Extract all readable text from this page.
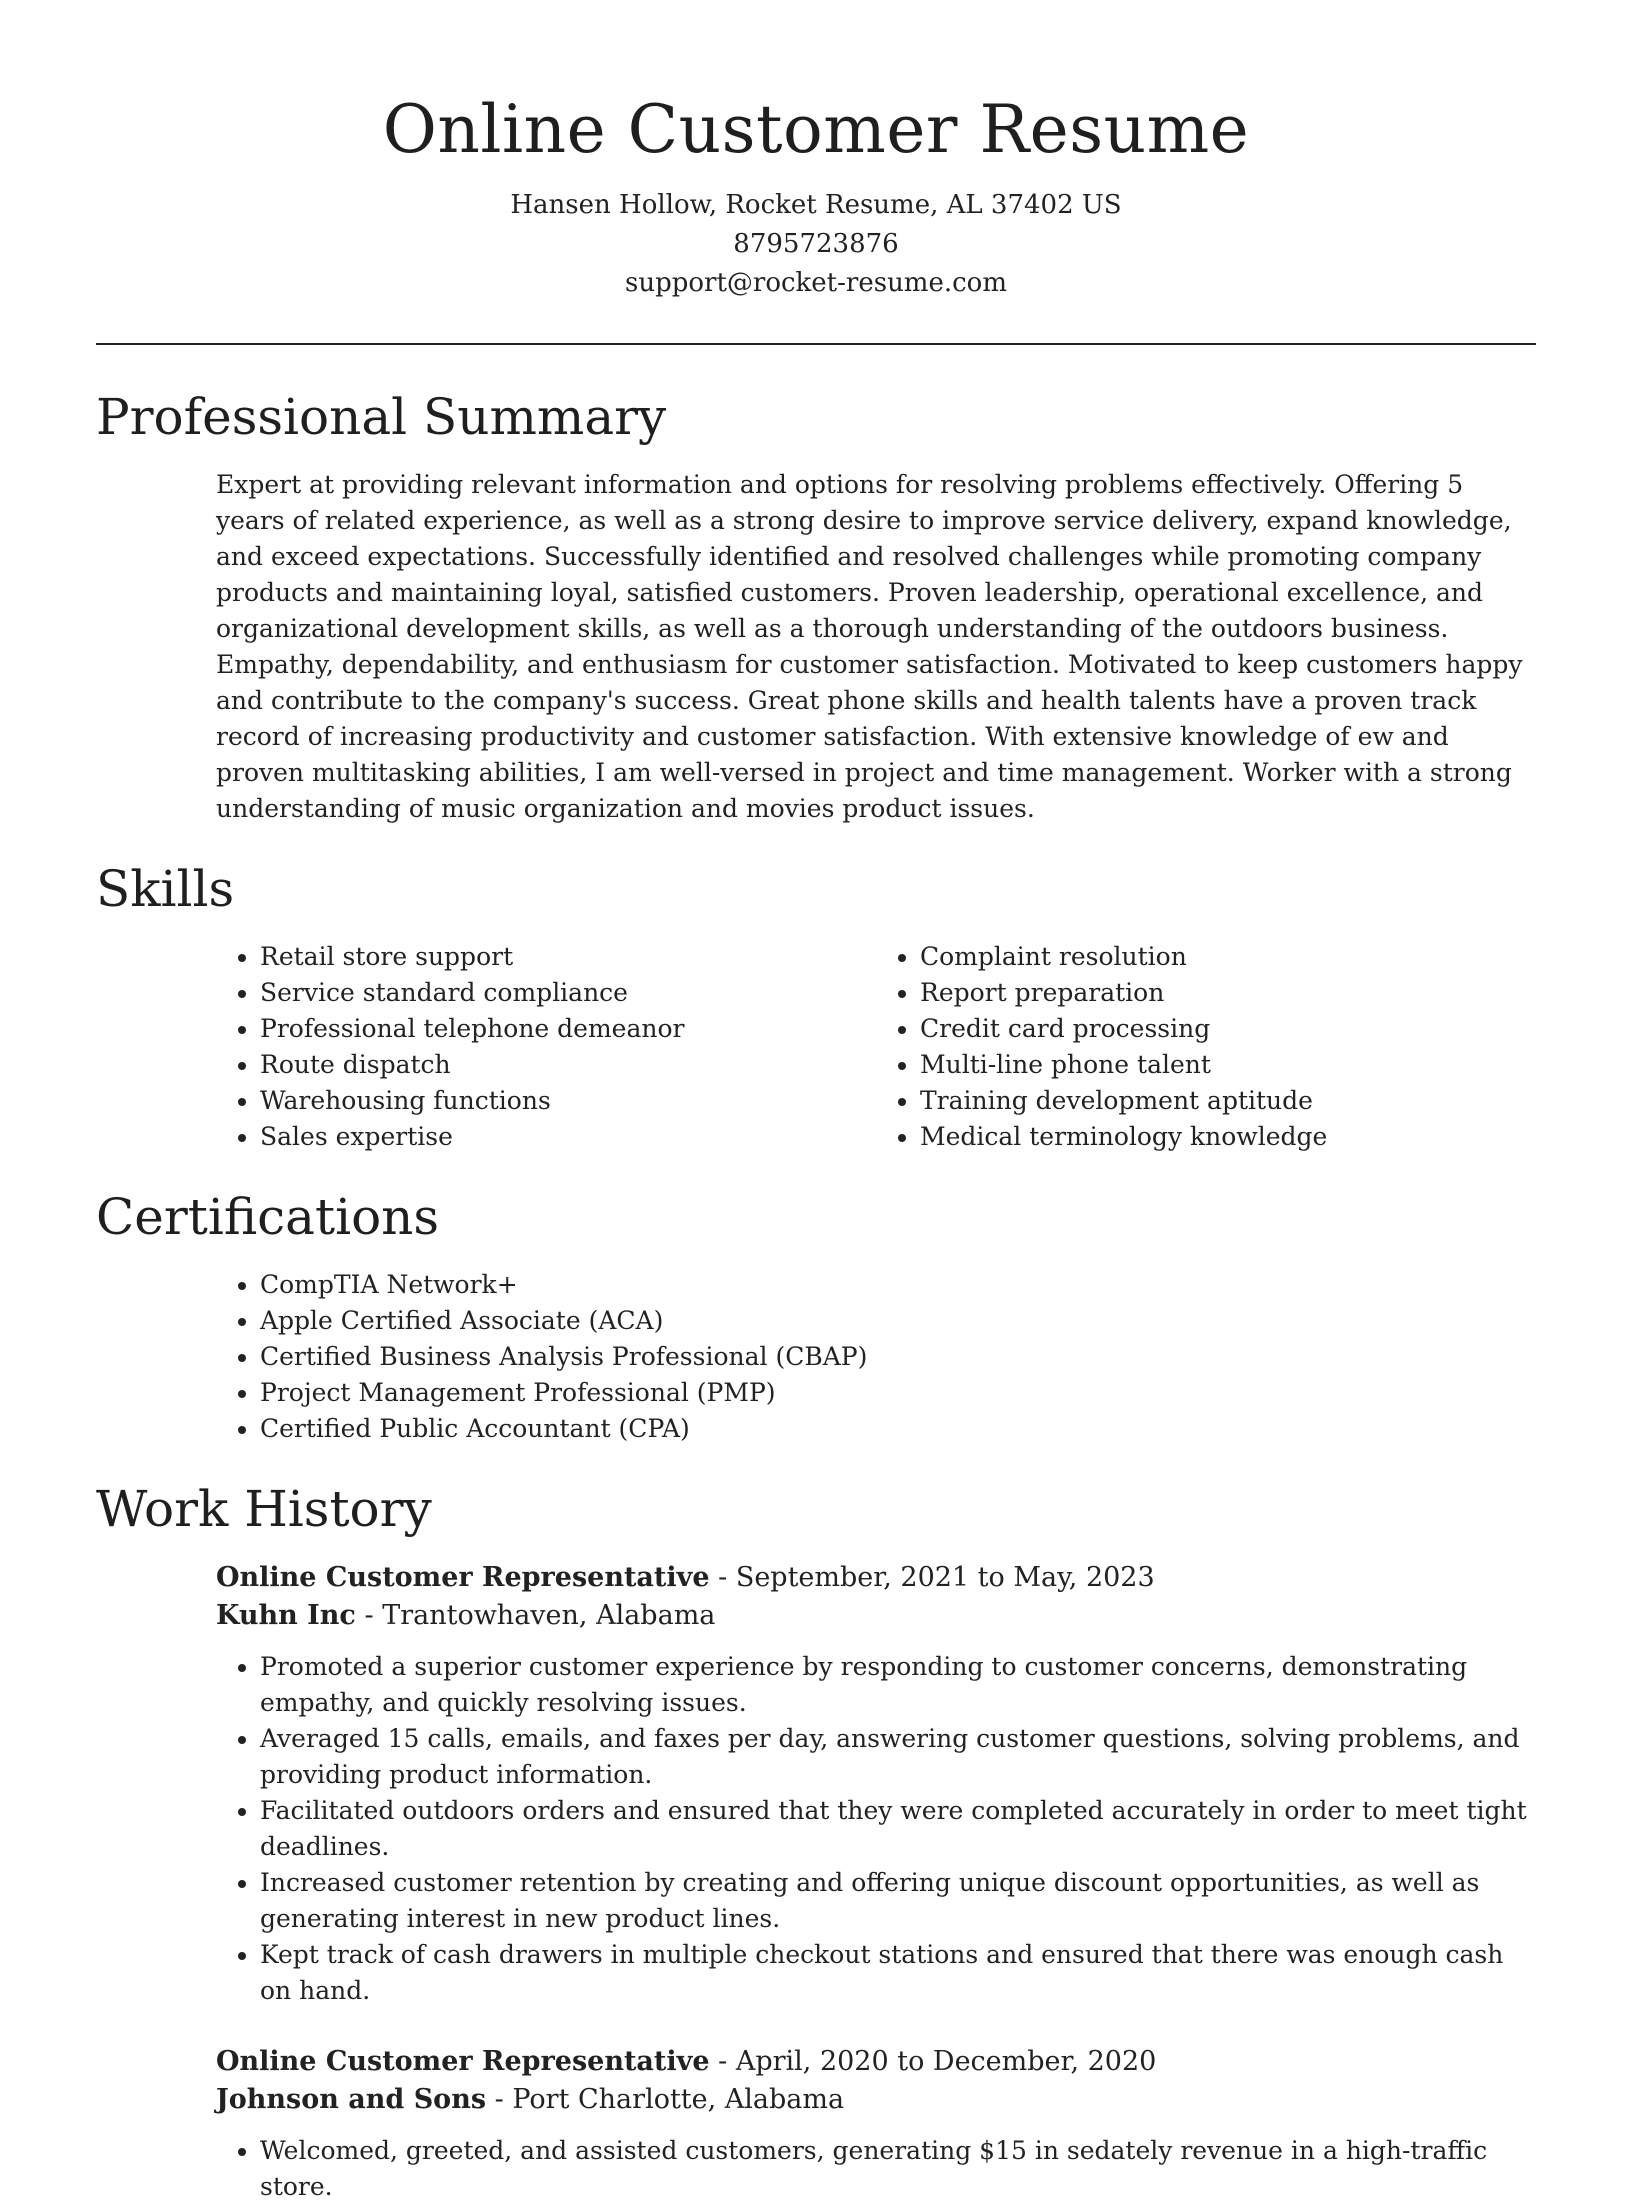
Online Customer Resume
Hansen Hollow, Rocket Resume, AL 37402 US
8795723876
support@rocket-resume.com
Professional Summary

Expert at providing relevant information and options for resolving problems effectively. Offering 5 years of related experience, as well as a strong desire to improve service delivery, expand knowledge, and exceed expectations. Successfully identified and resolved challenges while promoting company products and maintaining loyal, satisfied customers. Proven leadership, operational excellence, and organizational development skills, as well as a thorough understanding of the outdoors business. Empathy, dependability, and enthusiasm for customer satisfaction. Motivated to keep customers happy and contribute to the company's success. Great phone skills and health talents have a proven track record of increasing productivity and customer satisfaction. With extensive knowledge of ew and proven multitasking abilities, I am well-versed in project and time management. Worker with a strong understanding of music organization and movies product issues.

Skills
• Retail store support
• Service standard compliance
• Professional telephone demeanor
• Route dispatch
• Warehousing functions
• Sales expertise
• Complaint resolution
• Report preparation
• Credit card processing
• Multi-line phone talent
• Training development aptitude
• Medical terminology knowledge
Certifications
• CompTIA Network+
• Apple Certified Associate (ACA)
• Certified Business Analysis Professional (CBAP)
• Project Management Professional (PMP)
• Certified Public Accountant (CPA)
Work History
Online Customer Representative - September, 2021 to May, 2023
Kuhn Inc - Trantowhaven, Alabama
• Promoted a superior customer experience by responding to customer concerns, demonstrating empathy, and quickly resolving issues.
• Averaged 15 calls, emails, and faxes per day, answering customer questions, solving problems, and providing product information.
• Facilitated outdoors orders and ensured that they were completed accurately in order to meet tight deadlines.
• Increased customer retention by creating and offering unique discount opportunities, as well as generating interest in new product lines.
• Kept track of cash drawers in multiple checkout stations and ensured that there was enough cash on hand.
Online Customer Representative - April, 2020 to December, 2020
Johnson and Sons - Port Charlotte, Alabama
• Welcomed, greeted, and assisted customers, generating $15 in sedately revenue in a high-traffic store.
